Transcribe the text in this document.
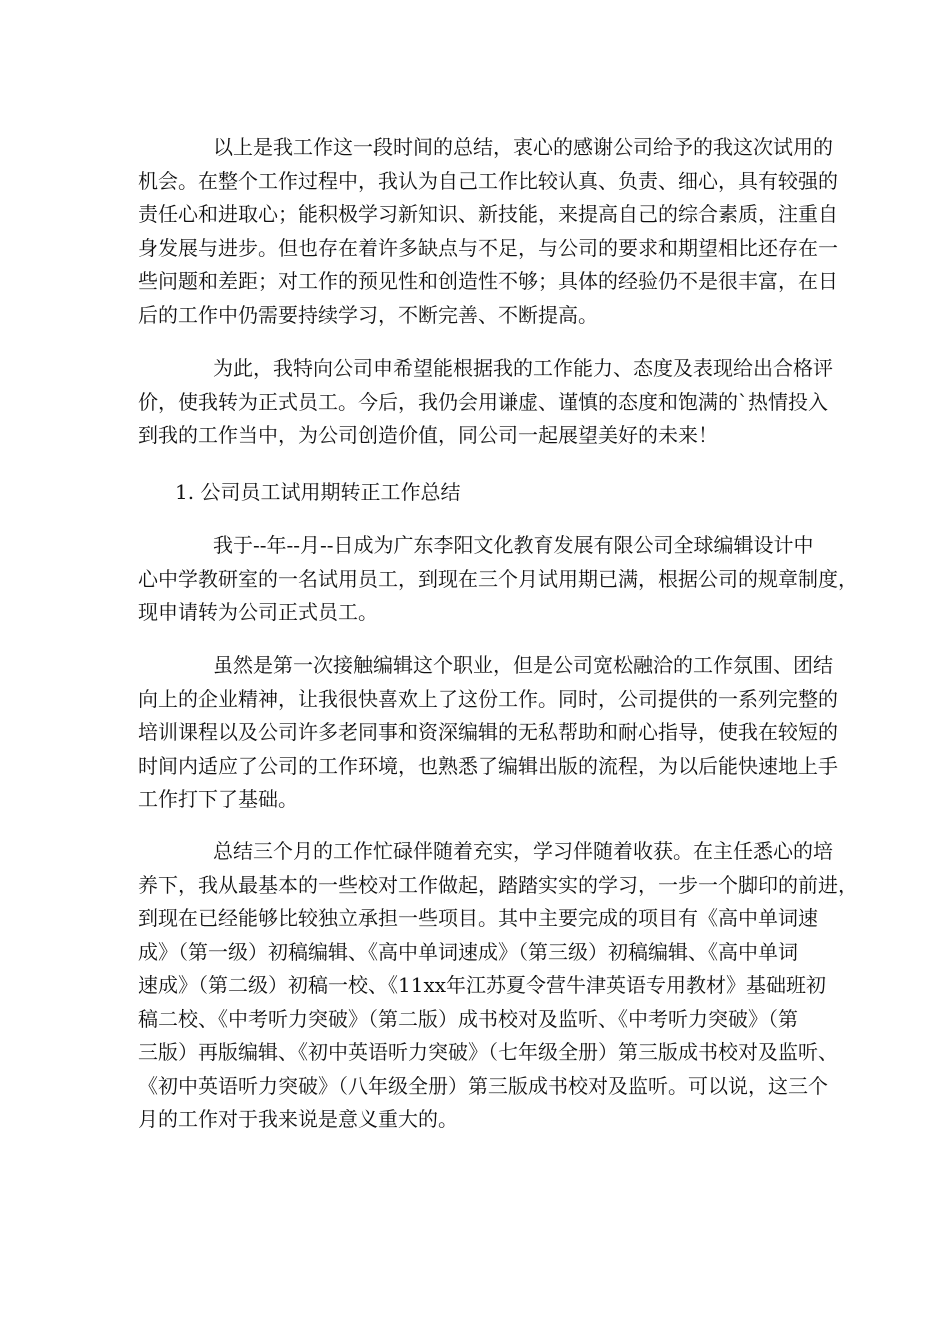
以上是我工作这一段时间的总结，衷心的感谢公司给予的我这次试用的
机会。在整个工作过程中，我认为自己工作比较认真、负责、细心，具有较强的
责任心和进取心；能积极学习新知识、新技能，来提高自己的综合素质，注重自
身发展与进步。但也存在着许多缺点与不足，与公司的要求和期望相比还存在一
些问题和差距；对工作的预见性和创造性不够；具体的经验仍不是很丰富，在日
后的工作中仍需要持续学习，不断完善、不断提高。

为此，我特向公司申希望能根据我的工作能力、态度及表现给出合格评
价，使我转为正式员工。今后，我仍会用谦虚、谨慎的态度和饱满的`热情投入
到我的工作当中，为公司创造价值，同公司一起展望美好的未来！

1. 公司员工试用期转正工作总结

我于--年--月--日成为广东李阳文化教育发展有限公司全球编辑设计中
心中学教研室的一名试用员工，到现在三个月试用期已满，根据公司的规章制度，
现申请转为公司正式员工。

虽然是第一次接触编辑这个职业，但是公司宽松融洽的工作氛围、团结
向上的企业精神，让我很快喜欢上了这份工作。同时，公司提供的一系列完整的
培训课程以及公司许多老同事和资深编辑的无私帮助和耐心指导，使我在较短的
时间内适应了公司的工作环境，也熟悉了编辑出版的流程，为以后能快速地上手
工作打下了基础。

总结三个月的工作忙碌伴随着充实，学习伴随着收获。在主任悉心的培
养下，我从最基本的一些校对工作做起，踏踏实实的学习，一步一个脚印的前进，
到现在已经能够比较独立承担一些项目。其中主要完成的项目有《高中单词速
成》（第一级）初稿编辑、《高中单词速成》（第三级）初稿编辑、《高中单词
速成》（第二级）初稿一校、《11xx年江苏夏令营牛津英语专用教材》基础班初
稿二校、《中考听力突破》（第二版）成书校对及监听、《中考听力突破》（第
三版）再版编辑、《初中英语听力突破》（七年级全册）第三版成书校对及监听、
《初中英语听力突破》（八年级全册）第三版成书校对及监听。可以说，这三个
月的工作对于我来说是意义重大的。
